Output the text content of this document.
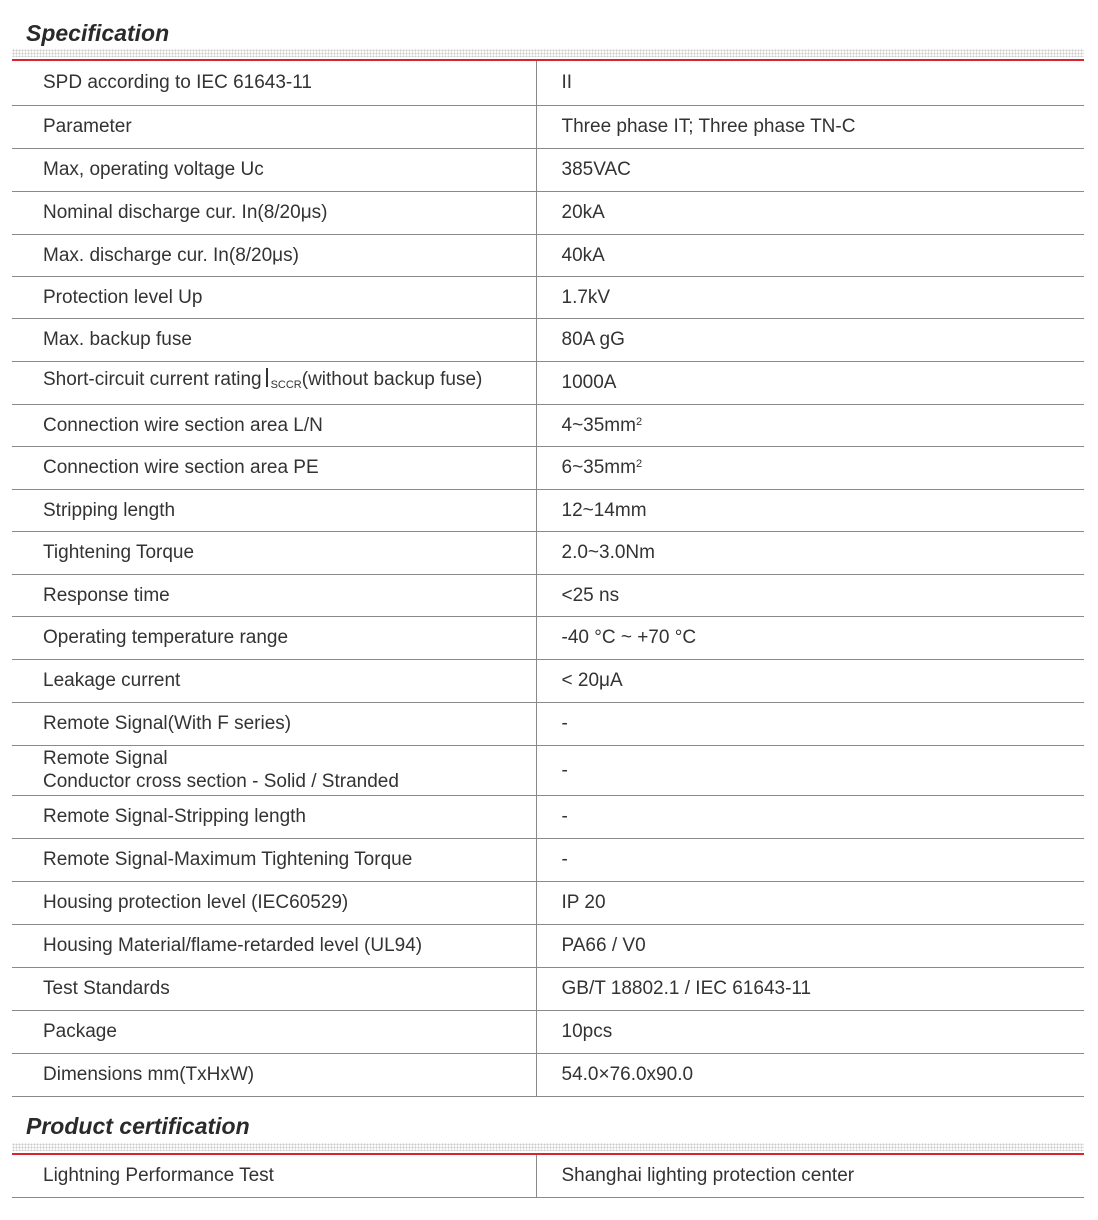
Specification
SPD according to IEC 61643-11	II
Parameter	Three phase IT; Three phase TN-C
Max, operating voltage Uc	385VAC
Nominal discharge cur. In(8/20μs)	20kA
Max. discharge cur. In(8/20μs)	40kA
Protection level Up	1.7kV
Max. backup fuse	80A gG
Short-circuit current rating $_{SCCR}$(without backup fuse)	1000A
Connection wire section area L/N	$4\sim 35mm^2$
Connection wire section area PE	$6\sim 35mm^2$
Stripping length	12~14mm
Tightening Torque	2.0~3.0Nm
Response time	<25 ns
Operating temperature range	-40 °C ~ +70 °C
Leakage current	< 20μA
Remote Signal(With F series)	-

Remote Signal
Conductor cross section - Solid / Stranded	-
Remote Signal-Stripping length	-
Remote Signal-Maximum Tightening Torque	-
Housing protection level (IEC60529)	IP 20
Housing Material/flame-retarded level (UL94)	PA66 / V0
Test Standards	GB/T 18802.1 / IEC 61643-11
Package	10pcs
Dimensions mm(TxHxW)	54.0×76.0x90.0
Product certification
Lightning Performance Test	Shanghai lighting protection center
